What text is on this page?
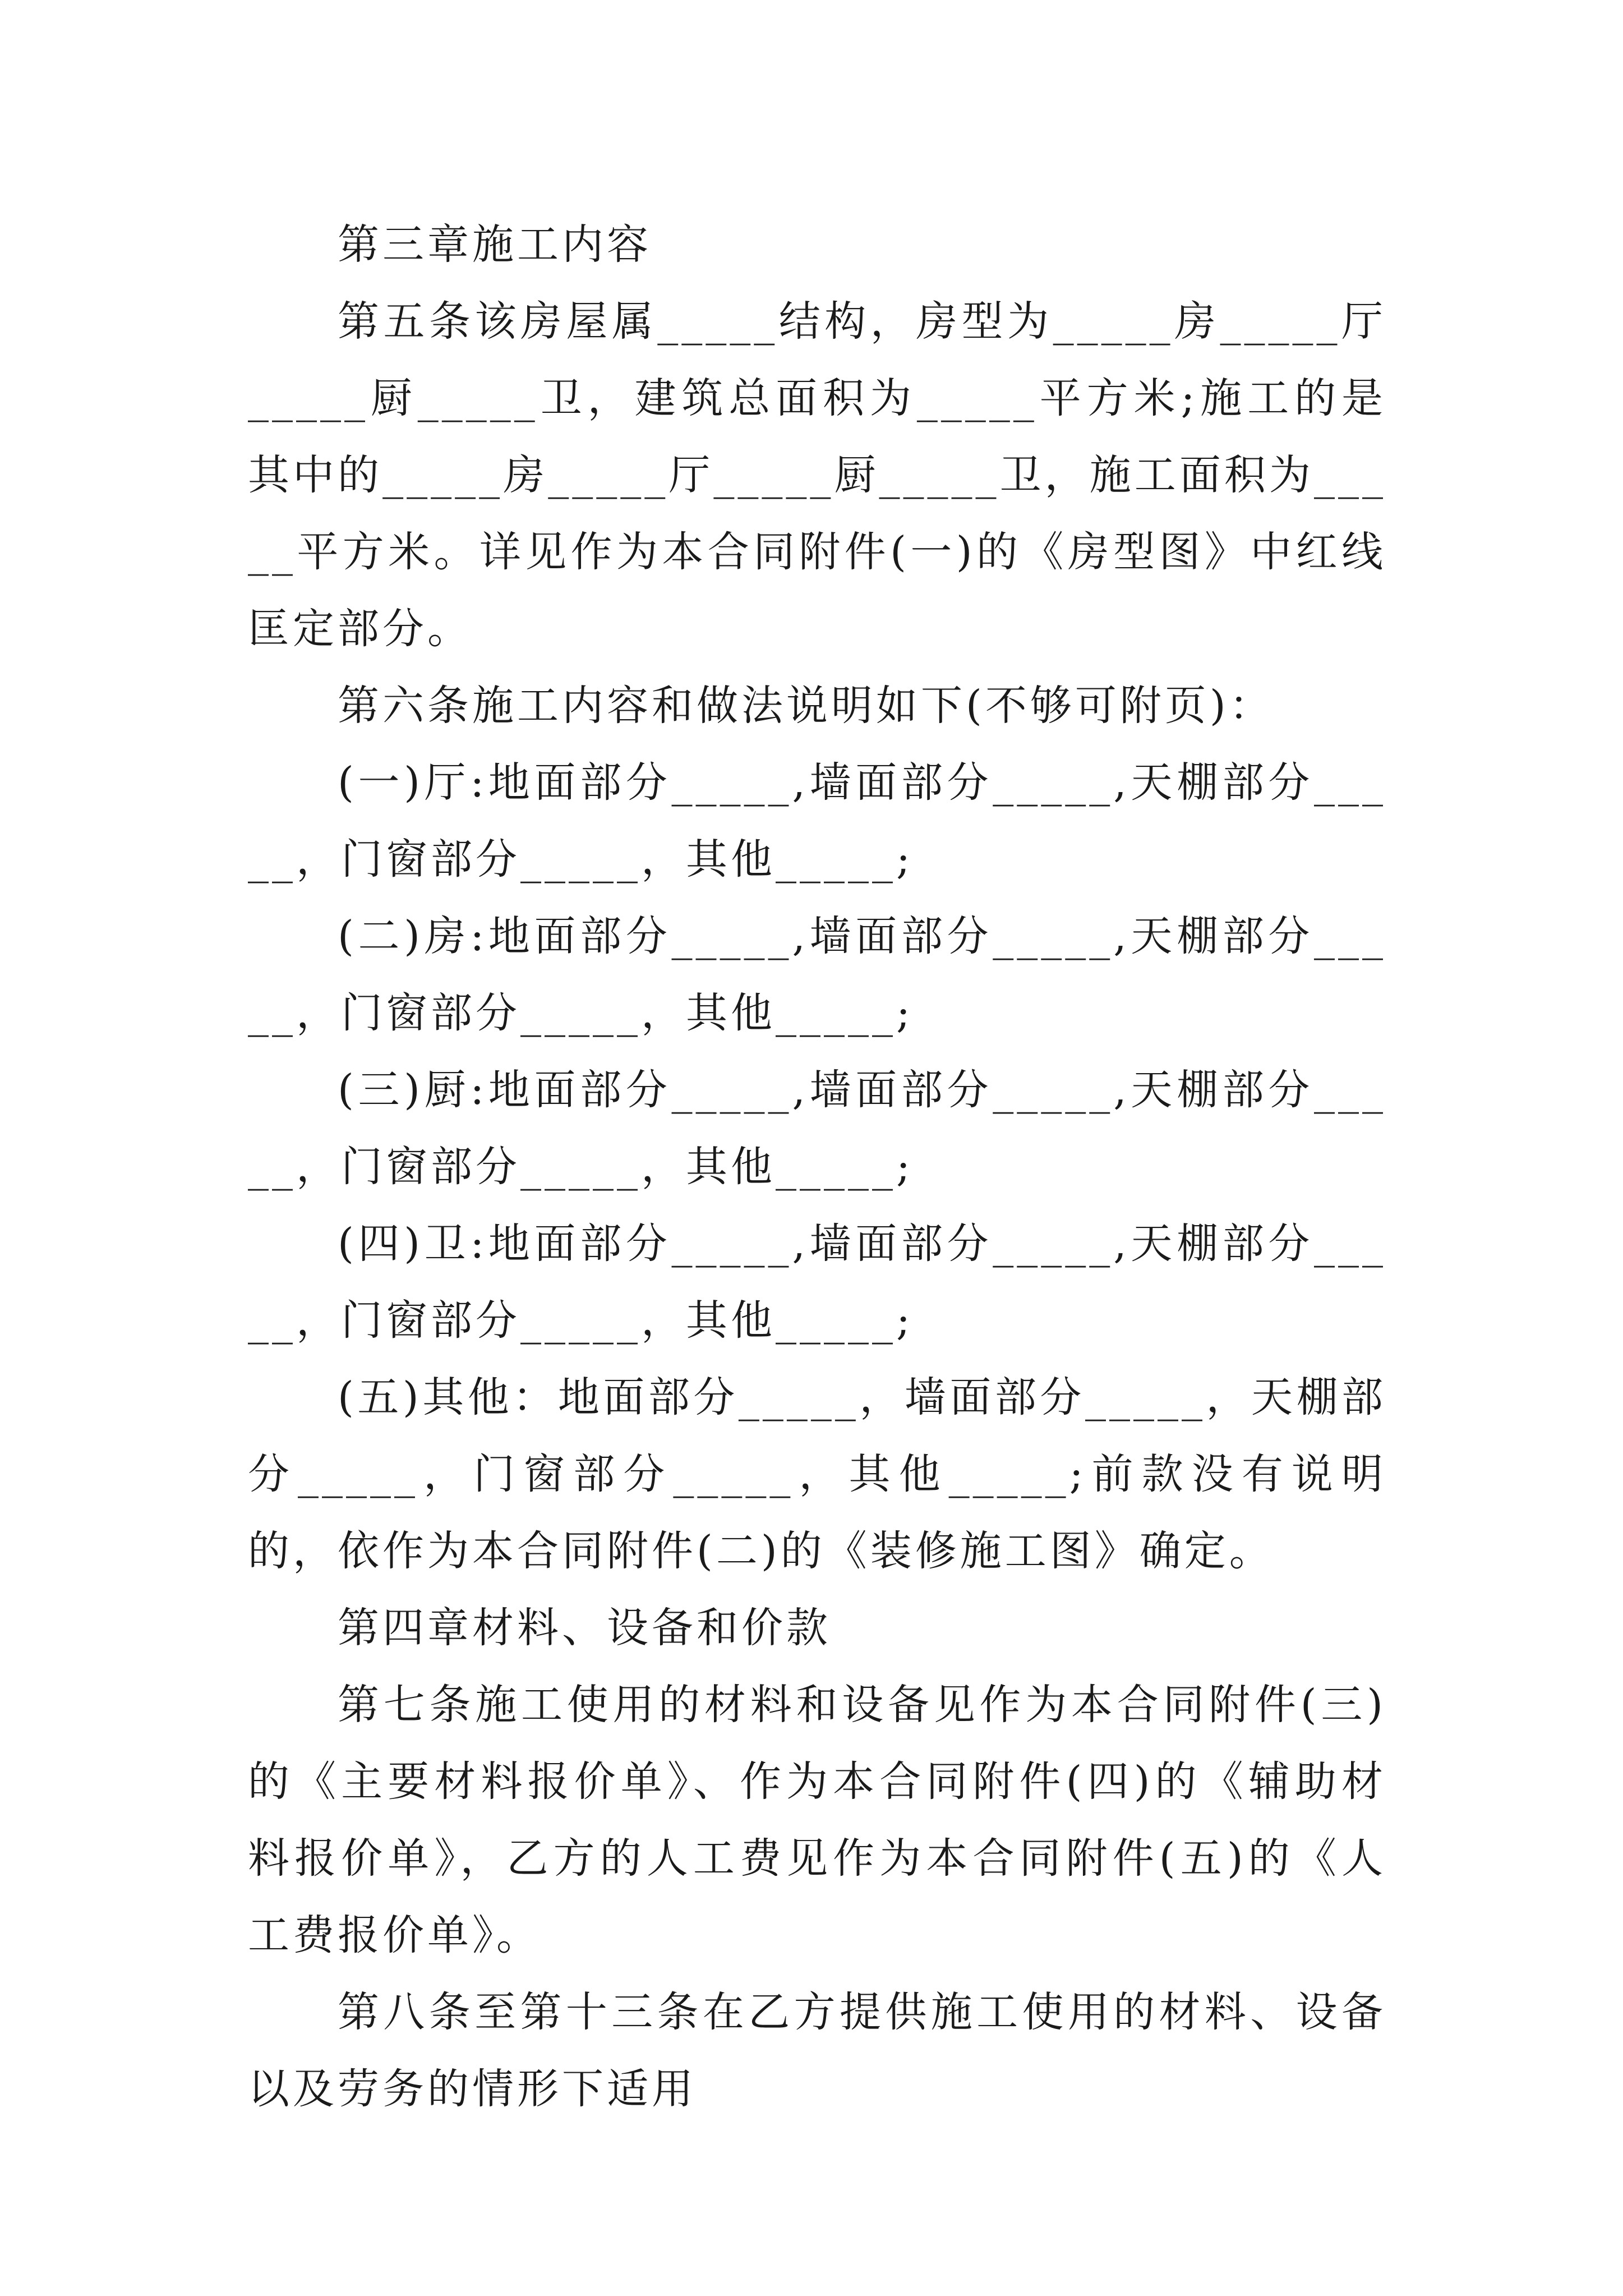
第三章施工内容

第五条该房屋属_____结构，房型为_____房_____厅_____厨_____卫，建筑总面积为_____平方米;施工的是其中的_____房_____厅_____厨_____卫，施工面积为_____平方米。详见作为本合同附件(一)的《房型图》中红线匡定部分。

第六条施工内容和做法说明如下(不够可附页)：

(一)厅:地面部分_____,墙面部分_____,天棚部分_____，门窗部分_____，其他_____;

(二)房:地面部分_____,墙面部分_____,天棚部分_____，门窗部分_____，其他_____;

(三)厨:地面部分_____,墙面部分_____,天棚部分_____，门窗部分_____，其他_____;

(四)卫:地面部分_____,墙面部分_____,天棚部分_____，门窗部分_____，其他_____;

(五)其他：地面部分_____，墙面部分_____，天棚部分_____，门窗部分_____，其他_____;前款没有说明的，依作为本合同附件(二)的《装修施工图》确定。

第四章材料、设备和价款

第七条施工使用的材料和设备见作为本合同附件(三)的《主要材料报价单》、作为本合同附件(四)的《辅助材料报价单》，乙方的人工费见作为本合同附件(五)的《人工费报价单》。

第八条至第十三条在乙方提供施工使用的材料、设备以及劳务的情形下适用
